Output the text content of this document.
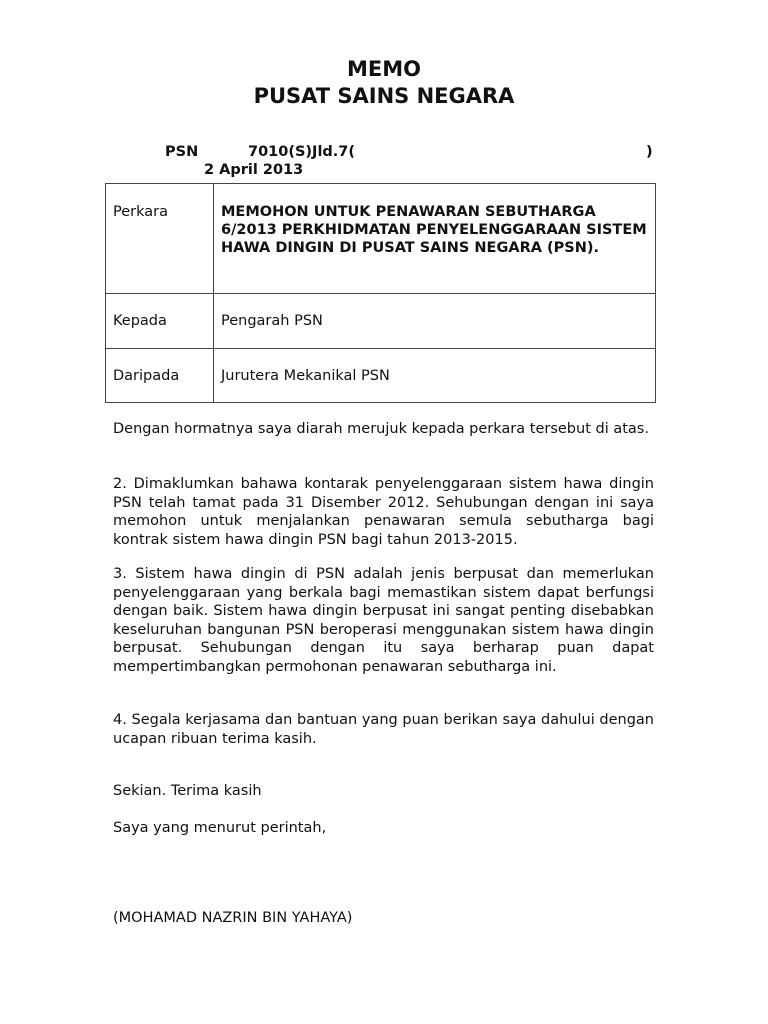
MEMO
PUSAT SAINS NEGARA
PSN	7010(S)Jld.7(	)
2 April 2013
Perkara	MEMOHON UNTUK PENAWARAN SEBUTHARGA 6/2013 PERKHIDMATAN PENYELENGGARAAN SISTEM HAWA DINGIN DI PUSAT SAINS NEGARA (PSN).
Kepada	Pengarah PSN
Daripada	Jurutera Mekanikal PSN

Dengan hormatnya saya diarah merujuk kepada perkara tersebut di atas.

2. Dimaklumkan bahawa kontarak penyelenggaraan sistem hawa dingin PSN telah tamat pada 31 Disember 2012. Sehubungan dengan ini saya memohon untuk menjalankan penawaran semula sebutharga bagi kontrak sistem hawa dingin PSN bagi tahun 2013-2015.

3. Sistem hawa dingin di PSN adalah jenis berpusat dan memerlukan penyelenggaraan yang berkala bagi memastikan sistem dapat berfungsi dengan baik. Sistem hawa dingin berpusat ini sangat penting disebabkan keseluruhan bangunan PSN beroperasi menggunakan sistem hawa dingin berpusat. Sehubungan dengan itu saya berharap puan dapat mempertimbangkan permohonan penawaran sebutharga ini.

4. Segala kerjasama dan bantuan yang puan berikan saya dahului dengan ucapan ribuan terima kasih.

Sekian. Terima kasih
Saya yang menurut perintah,
(MOHAMAD NAZRIN BIN YAHAYA)
